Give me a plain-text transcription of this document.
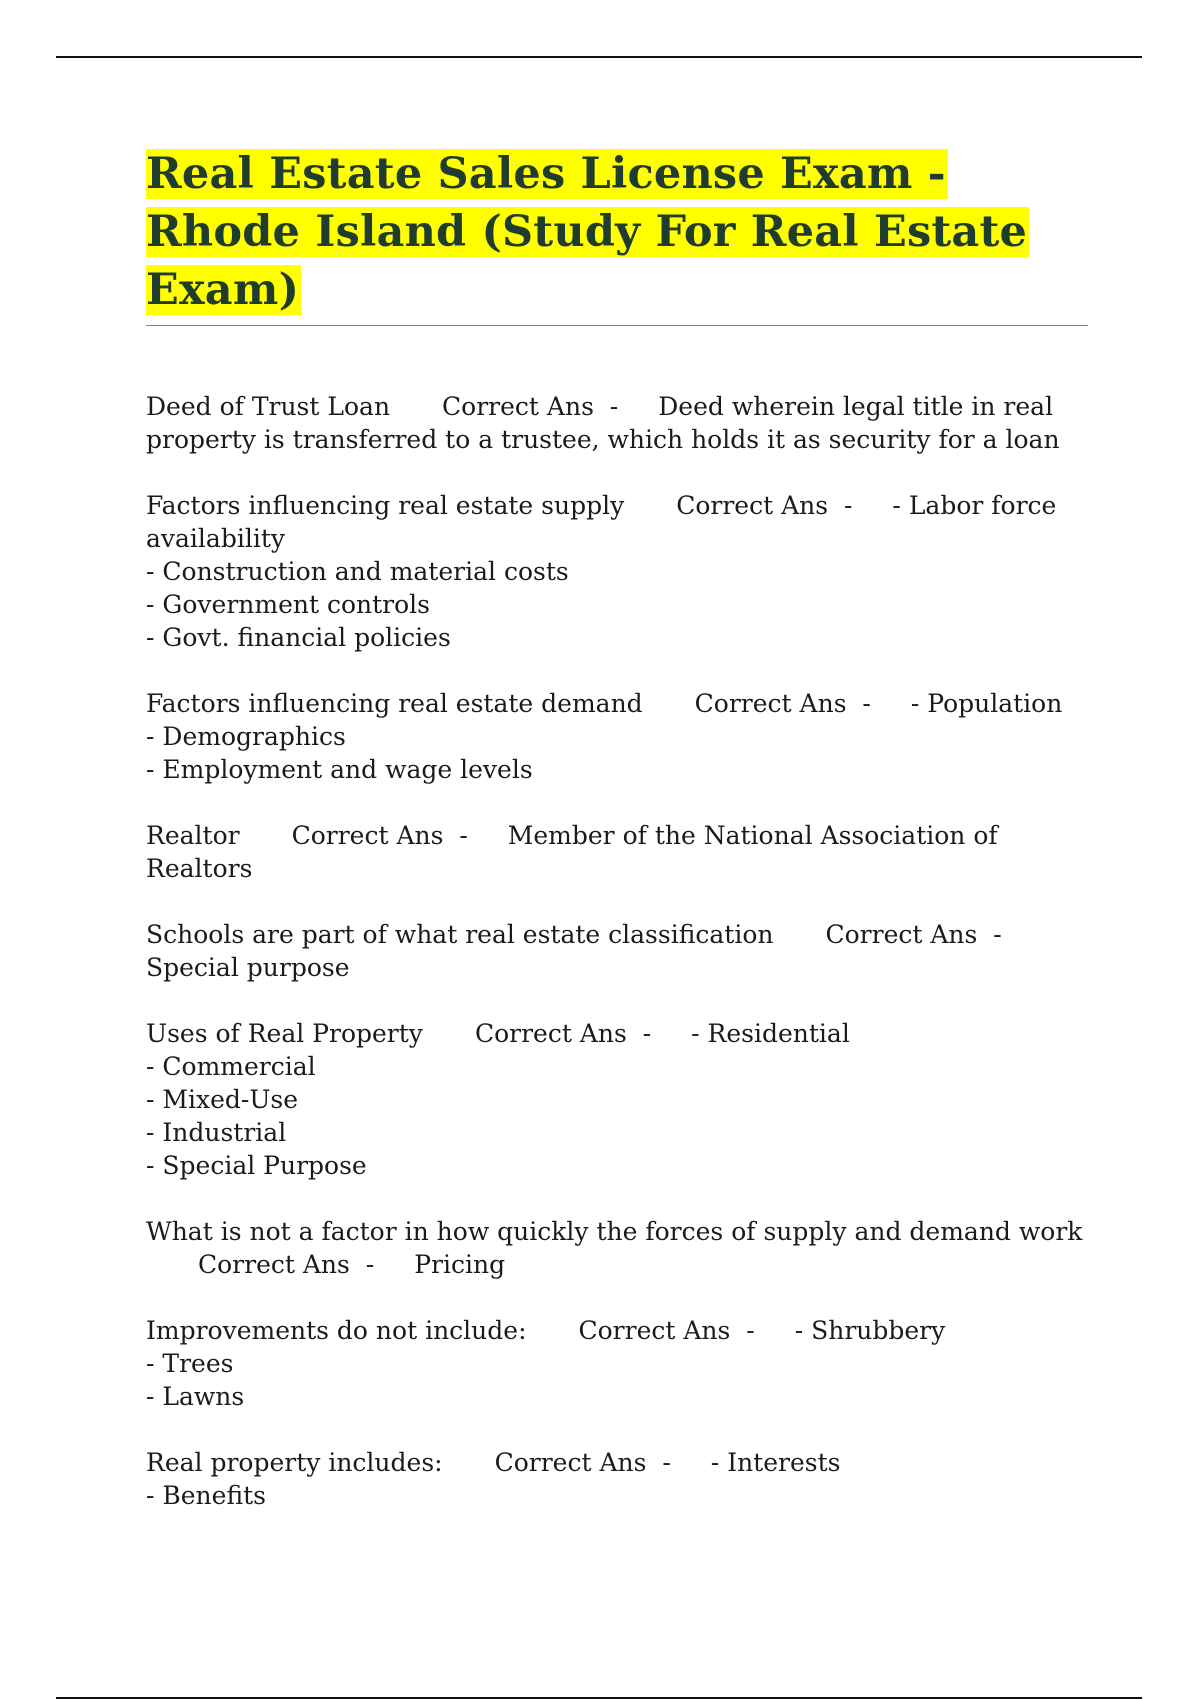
Real Estate Sales License Exam - Rhode Island (Study For Real Estate Exam)
Deed of Trust Loan Correct Ans  - Deed wherein legal title in real property is transferred to a trustee, which holds it as security for a loan
Factors influencing real estate supply Correct Ans  - - Labor force availability
- Construction and material costs
- Government controls
- Govt. financial policies
Factors influencing real estate demand Correct Ans  - - Population
- Demographics
- Employment and wage levels
Realtor Correct Ans  - Member of the National Association of Realtors
Schools are part of what real estate classification Correct Ans  -Special purpose
Uses of Real Property Correct Ans  - - Residential
- Commercial
- Mixed-Use
- Industrial
- Special Purpose
What is not a factor in how quickly the forces of supply and demand workCorrect Ans  - Pricing
Improvements do not include: Correct Ans  - - Shrubbery
- Trees
- Lawns
Real property includes: Correct Ans  - - Interests
- Benefits
